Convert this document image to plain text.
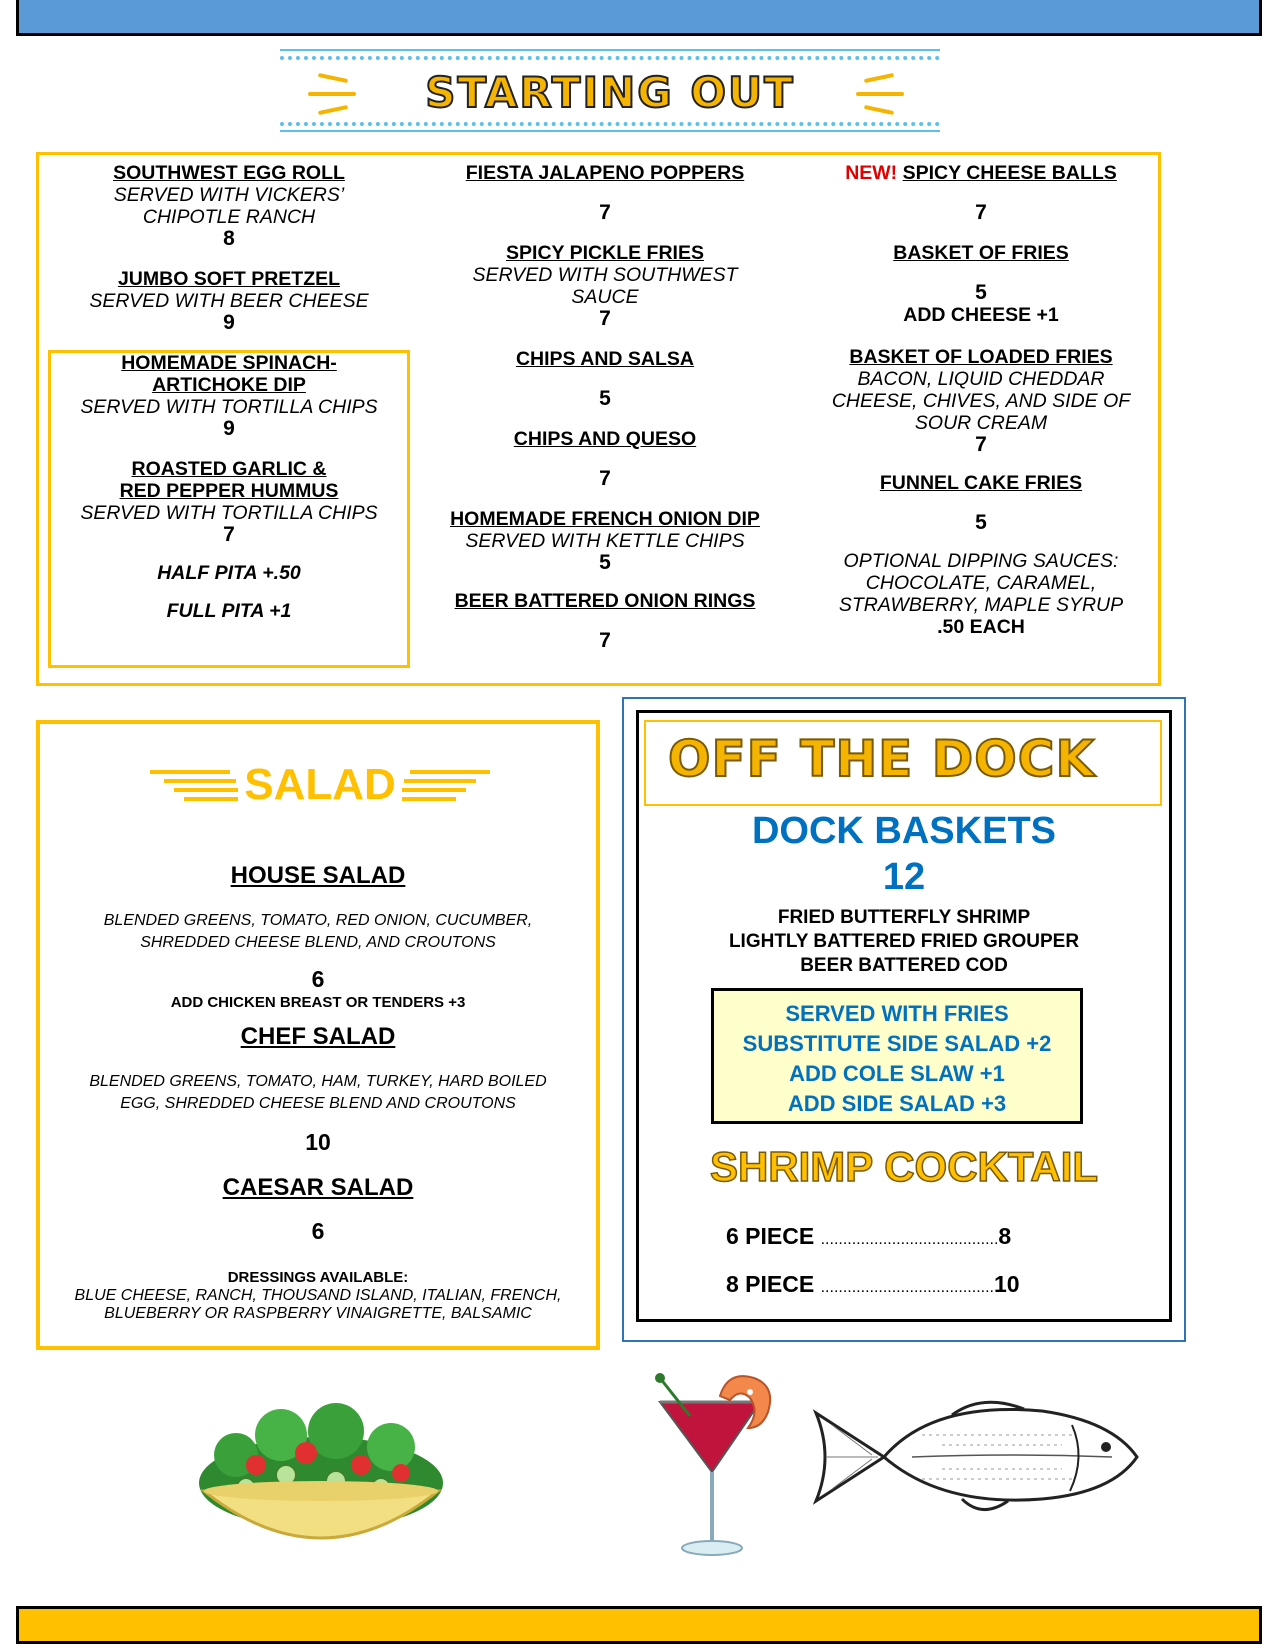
STARTING OUT
SOUTHWEST EGG ROLL
SERVED WITH VICKERS’
CHIPOTLE RANCH
8
JUMBO SOFT PRETZEL
SERVED WITH BEER CHEESE
9
HOMEMADE SPINACH-
ARTICHOKE DIP
SERVED WITH TORTILLA CHIPS
9
ROASTED GARLIC &
RED PEPPER HUMMUS
SERVED WITH TORTILLA CHIPS
7
HALF PITA +.50
FULL PITA +1
FIESTA JALAPENO POPPERS
7
SPICY PICKLE FRIES
SERVED WITH SOUTHWEST
SAUCE
7
CHIPS AND SALSA
5
CHIPS AND QUESO
7
HOMEMADE FRENCH ONION DIP
SERVED WITH KETTLE CHIPS
5
BEER BATTERED ONION RINGS
7
NEW! SPICY CHEESE BALLS
7
BASKET OF FRIES
5
ADD CHEESE +1
BASKET OF LOADED FRIES
BACON, LIQUID CHEDDAR
CHEESE, CHIVES, AND SIDE OF
SOUR CREAM
7
FUNNEL CAKE FRIES
5
OPTIONAL DIPPING SAUCES:
CHOCOLATE, CARAMEL,
STRAWBERRY, MAPLE SYRUP
.50 EACH
SALAD
HOUSE SALAD
BLENDED GREENS, TOMATO, RED ONION, CUCUMBER,
SHREDDED CHEESE BLEND, AND CROUTONS
6
ADD CHICKEN BREAST OR TENDERS +3
CHEF SALAD
BLENDED GREENS, TOMATO, HAM, TURKEY, HARD BOILED
EGG, SHREDDED CHEESE BLEND AND CROUTONS
10
CAESAR SALAD
6
DRESSINGS AVAILABLE:
BLUE CHEESE, RANCH, THOUSAND ISLAND, ITALIAN, FRENCH,
BLUEBERRY OR RASPBERRY VINAIGRETTE, BALSAMIC
OFF THE DOCK
DOCK BASKETS
12
FRIED BUTTERFLY SHRIMP
LIGHTLY BATTERED FRIED GROUPER
BEER BATTERED COD
SERVED WITH FRIES
SUBSTITUTE SIDE SALAD +2
ADD COLE SLAW +1
ADD SIDE SALAD +3
SHRIMP COCKTAIL
6 PIECE ........................................8
8 PIECE .......................................10
